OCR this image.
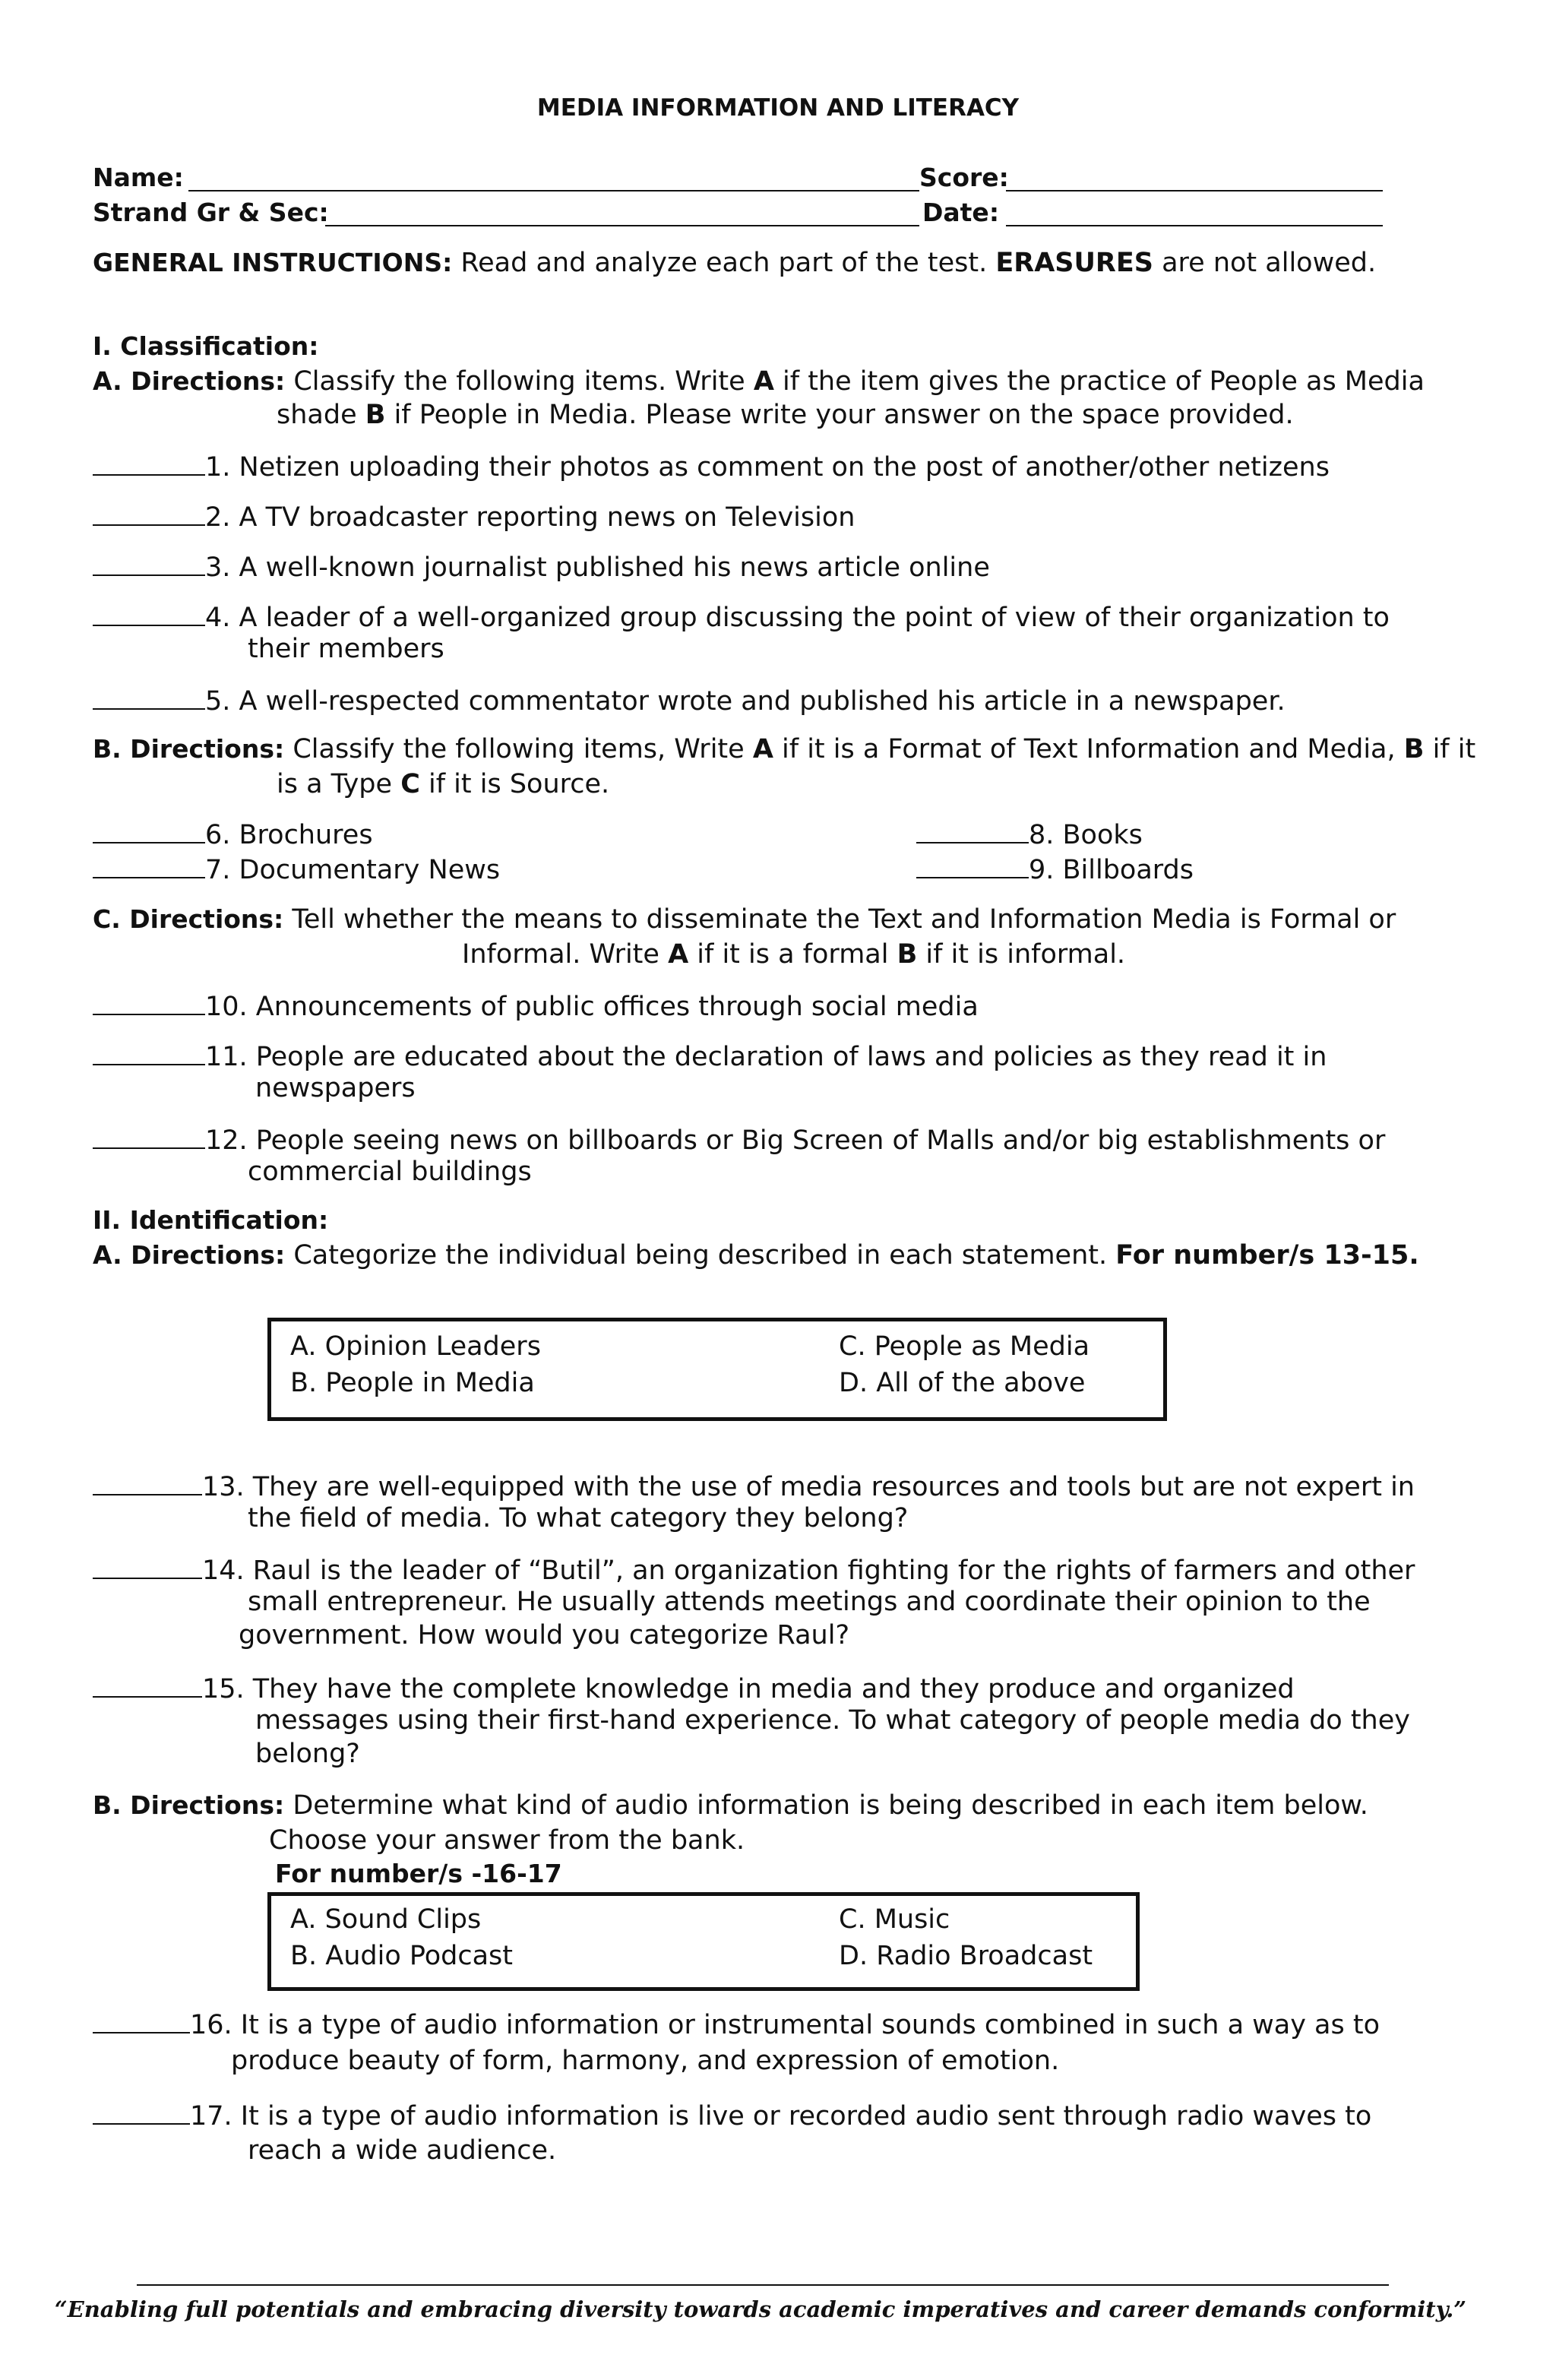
MEDIA INFORMATION AND LITERACY
Name:	Score:
Strand Gr & Sec:	Date:
GENERAL INSTRUCTIONS: Read and analyze each part of the test. ERASURES are not allowed.
I. Classification:
A. Directions: Classify the following items. Write A if the item gives the practice of People as Media
shade B if People in Media. Please write your answer on the space provided.
1. Netizen uploading their photos as comment on the post of another/other netizens
2. A TV broadcaster reporting news on Television
3. A well-known journalist published his news article online
4. A leader of a well-organized group discussing the point of view of their organization to
their members
5. A well-respected commentator wrote and published his article in a newspaper.
B. Directions: Classify the following items, Write A if it is a Format of Text Information and Media, B if it
is a Type C if it is Source.
6. Brochures
7. Documentary News
8. Books
9. Billboards
C. Directions: Tell whether the means to disseminate the Text and Information Media is Formal or
Informal. Write A if it is a formal B if it is informal.
10. Announcements of public offices through social media
11. People are educated about the declaration of laws and policies as they read it in
newspapers
12. People seeing news on billboards or Big Screen of Malls and/or big establishments or
commercial buildings
II. Identification:
A. Directions: Categorize the individual being described in each statement. For number/s 13-15.
A. Opinion Leaders	C. People as Media
B. People in Media	D. All of the above
13. They are well-equipped with the use of media resources and tools but are not expert in
the field of media. To what category they belong?
14. Raul is the leader of “Butil”, an organization fighting for the rights of farmers and other
small entrepreneur. He usually attends meetings and coordinate their opinion to the
government. How would you categorize Raul?
15. They have the complete knowledge in media and they produce and organized
messages using their first-hand experience. To what category of people media do they
belong?
B. Directions: Determine what kind of audio information is being described in each item below.
Choose your answer from the bank.
For number/s -16-17
A. Sound Clips	C. Music
B. Audio Podcast	D. Radio Broadcast
16. It is a type of audio information or instrumental sounds combined in such a way as to
produce beauty of form, harmony, and expression of emotion.
17. It is a type of audio information is live or recorded audio sent through radio waves to
reach a wide audience.
“Enabling full potentials and embracing diversity towards academic imperatives and career demands conformity.”
